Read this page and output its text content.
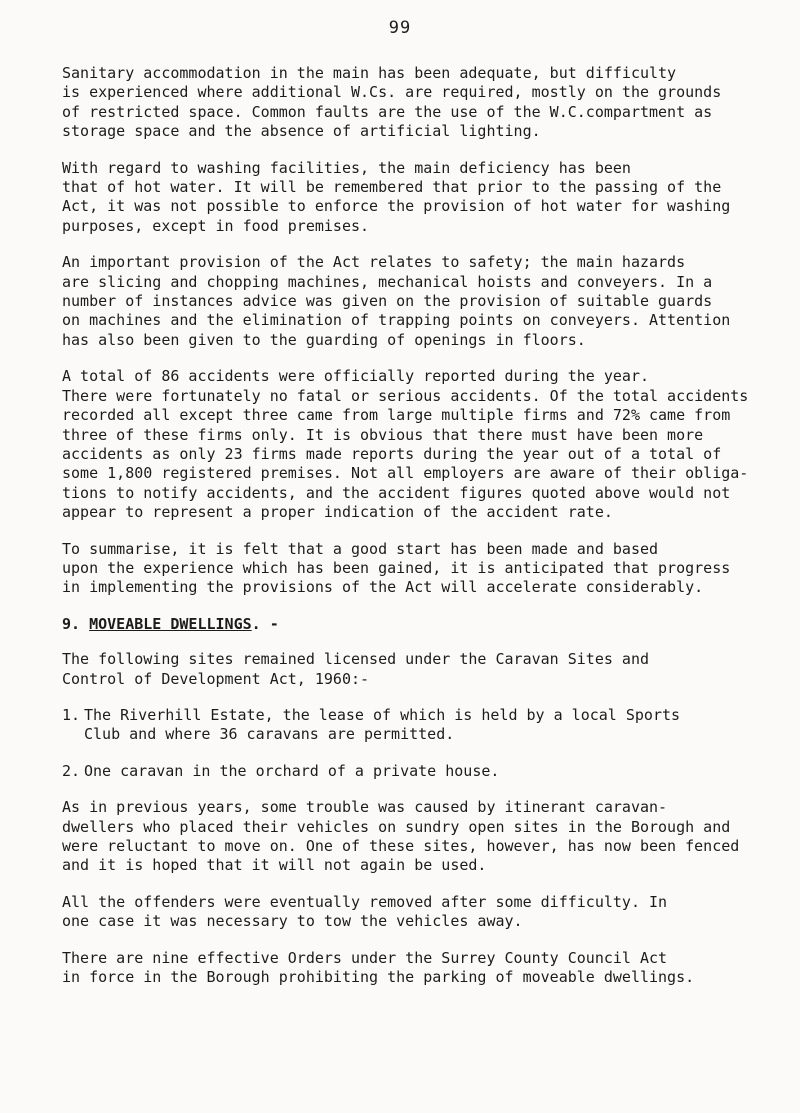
99

Sanitary accommodation in the main has been adequate, but difficulty
is experienced where additional W.Cs. are required, mostly on the grounds
of restricted space. Common faults are the use of the W.C.compartment as
storage space and the absence of artificial lighting.

With regard to washing facilities, the main deficiency has been
that of hot water. It will be remembered that prior to the passing of the
Act, it was not possible to enforce the provision of hot water for washing
purposes, except in food premises.

An important provision of the Act relates to safety; the main hazards
are slicing and chopping machines, mechanical hoists and conveyers. In a
number of instances advice was given on the provision of suitable guards
on machines and the elimination of trapping points on conveyers. Attention
has also been given to the guarding of openings in floors.

A total of 86 accidents were officially reported during the year.
There were fortunately no fatal or serious accidents. Of the total accidents
recorded all except three came from large multiple firms and 72% came from
three of these firms only. It is obvious that there must have been more
accidents as only 23 firms made reports during the year out of a total of
some 1,800 registered premises. Not all employers are aware of their obliga-
tions to notify accidents, and the accident figures quoted above would not
appear to represent a proper indication of the accident rate.

To summarise, it is felt that a good start has been made and based
upon the experience which has been gained, it is anticipated that progress
in implementing the provisions of the Act will accelerate considerably.

9. MOVEABLE DWELLINGS. -

The following sites remained licensed under the Caravan Sites and
Control of Development Act, 1960:-

1. The Riverhill Estate, the lease of which is held by a local Sports
Club and where 36 caravans are permitted.
2. One caravan in the orchard of a private house.

As in previous years, some trouble was caused by itinerant caravan-
dwellers who placed their vehicles on sundry open sites in the Borough and
were reluctant to move on. One of these sites, however, has now been fenced
and it is hoped that it will not again be used.

All the offenders were eventually removed after some difficulty. In
one case it was necessary to tow the vehicles away.

There are nine effective Orders under the Surrey County Council Act
in force in the Borough prohibiting the parking of moveable dwellings.
